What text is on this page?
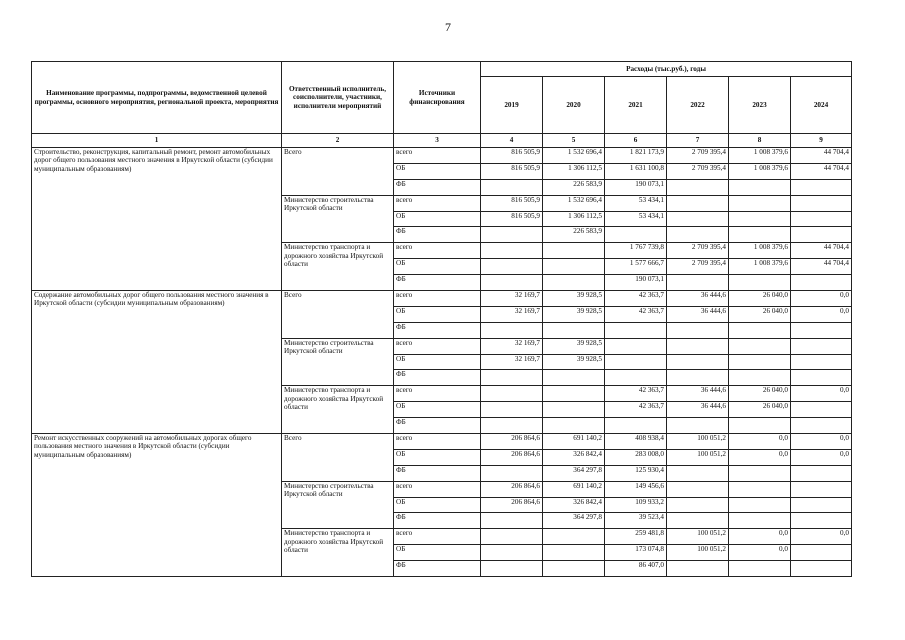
7
Наименование программы, подпрограммы, ведомственной целевой программы, основного мероприятия, региональной проекта, мероприятия	Ответственный исполнитель, соисполнители, участники, исполнители мероприятий	Источники финансирования	Расходы (тыс.руб.), годы					
			2019	2020	2021	2022	2023	2024
1	2	3	4	5	6	7	8	9
Строительство, реконструкция, капитальный ремонт, ремонт автомобильных дорог общего пользования местного значения в Иркутской области (субсидии муниципальным образованиям)	Всего	всего	816 505,9	1 532 696,4	1 821 173,9	2 709 395,4	1 008 379,6	44 704,4
		ОБ	816 505,9	1 306 112,5	1 631 100,8	2 709 395,4	1 008 379,6	44 704,4
		ФБ		226 583,9	190 073,1			
	Министерство строительства Иркутской области	всего	816 505,9	1 532 696,4	53 434,1			
		ОБ	816 505,9	1 306 112,5	53 434,1			
		ФБ		226 583,9				
	Министерство транспорта и дорожного хозяйства Иркутской области	всего			1 767 739,8	2 709 395,4	1 008 379,6	44 704,4
		ОБ			1 577 666,7	2 709 395,4	1 008 379,6	44 704,4
		ФБ			190 073,1			
Содержание автомобильных дорог общего пользования местного значения в Иркутской области (субсидии муниципальным образованиям)	Всего	всего	32 169,7	39 928,5	42 363,7	36 444,6	26 040,0	0,0
		ОБ	32 169,7	39 928,5	42 363,7	36 444,6	26 040,0	0,0
		ФБ						
	Министерство строительства Иркутской области	всего	32 169,7	39 928,5				
		ОБ	32 169,7	39 928,5				
		ФБ						
	Министерство транспорта и дорожного хозяйства Иркутской области	всего			42 363,7	36 444,6	26 040,0	0,0
		ОБ			42 363,7	36 444,6	26 040,0	
		ФБ						
Ремонт искусственных сооружений на автомобильных дорогах общего пользования местного значения в Иркутской области (субсидии муниципальным образованиям)	Всего	всего	206 864,6	691 140,2	408 938,4	100 051,2	0,0	0,0
		ОБ	206 864,6	326 842,4	283 008,0	100 051,2	0,0	0,0
		ФБ		364 297,8	125 930,4			
	Министерство строительства Иркутской области	всего	206 864,6	691 140,2	149 456,6			
		ОБ	206 864,6	326 842,4	109 933,2			
		ФБ		364 297,8	39 523,4			
	Министерство транспорта и дорожного хозяйства Иркутской области	всего			259 481,8	100 051,2	0,0	0,0
		ОБ			173 074,8	100 051,2	0,0	
		ФБ			86 407,0			
